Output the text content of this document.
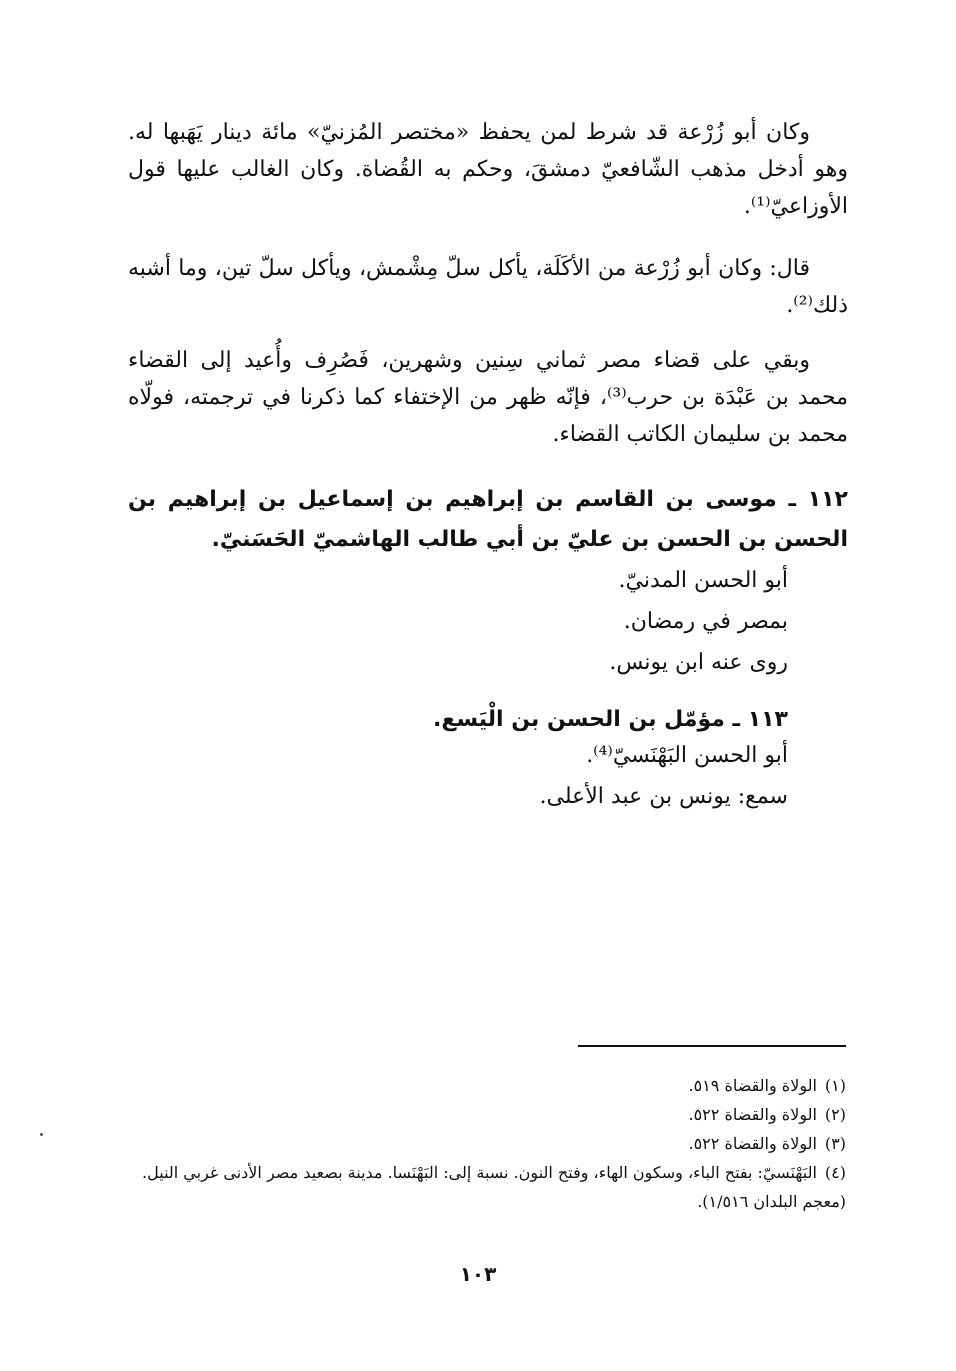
وكان أبو زُرْعة قد شرط لمن يحفظ «مختصر المُزنيّ» مائة دينار يَهَبها له. وهو أدخل مذهب الشّافعيّ دمشقَ، وحكم به القُضاة. وكان الغالب عليها قول الأوزاعيّ⁽¹⁾.

قال: وكان أبو زُرْعة من الأكَلَة، يأكل سلّ مِشْمش، ويأكل سلّ تين، وما أشبه ذلك⁽²⁾.

وبقي على قضاء مصر ثماني سِنين وشهرين، فَصُرِف وأُعيد إلى القضاء محمد بن عَبْدَة بن حرب⁽³⁾، فإنّه ظهر من الإختفاء كما ذكرنا في ترجمته، فولّاه محمد بن سليمان الكاتب القضاء.

١١٢ ـ موسى بن القاسم بن إبراهيم بن إسماعيل بن إبراهيم بن الحسن بن الحسن بن عليّ بن أبي طالب الهاشميّ الحَسَنيّ.

أبو الحسن المدنيّ.

بمصر في رمضان.

روى عنه ابن يونس.

١١٣ ـ مؤمّل بن الحسن بن الْيَسع.

أبو الحسن البَهْنَسيّ⁽⁴⁾.

سمع: يونس بن عبد الأعلى.

(١)الولاة والقضاة ٥١٩.

(٢)الولاة والقضاة ٥٢٢.

(٣)الولاة والقضاة ٥٢٢.

(٤)البَهْنَسيّ: بفتح الباء، وسكون الهاء، وفتح النون. نسبة إلى: البَهْنَسا. مدينة بصعيد مصر الأدنى غربي النيل. (معجم البلدان ١/٥١٦).

١٠٣
